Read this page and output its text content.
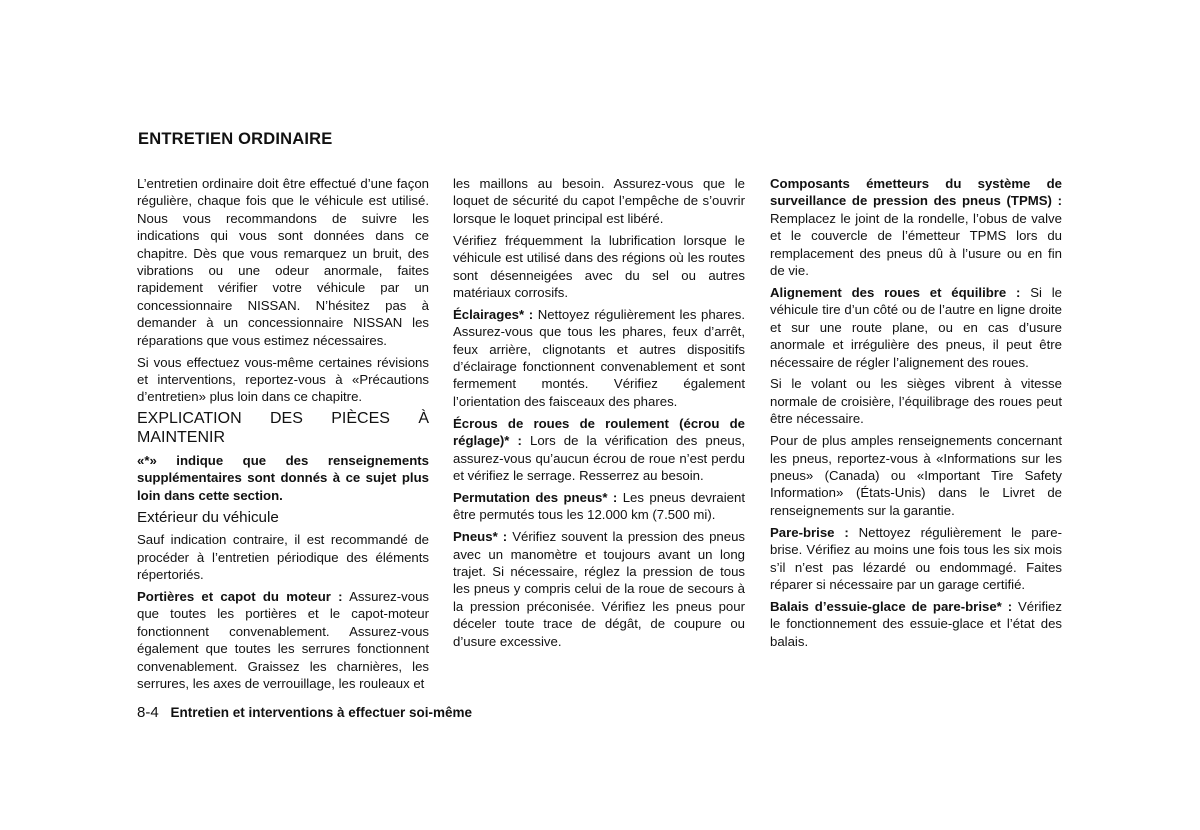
ENTRETIEN ORDINAIRE

L’entretien ordinaire doit être effectué d’une façon régulière, chaque fois que le véhicule est utilisé. Nous vous recommandons de suivre les indications qui vous sont données dans ce chapitre. Dès que vous remarquez un bruit, des vibrations ou une odeur anormale, faites rapidement vérifier votre véhicule par un concessionnaire NISSAN. N’hésitez pas à demander à un concessionnaire NISSAN les réparations que vous estimez nécessaires.

Si vous effectuez vous-même certaines révisions et interventions, reportez-vous à «Précautions d’entretien» plus loin dans ce chapitre.

EXPLICATION DES PIÈCES À MAINTENIR

«*» indique que des renseignements supplémentaires sont donnés à ce sujet plus loin dans cette section.

Extérieur du véhicule

Sauf indication contraire, il est recommandé de procéder à l’entretien périodique des éléments répertoriés.

Portières et capot du moteur : Assurez-vous que toutes les portières et le capot-moteur fonctionnent convenablement. Assurez-vous également que toutes les serrures fonctionnent convenablement. Graissez les charnières, les serrures, les axes de verrouillage, les rouleaux et

les maillons au besoin. Assurez-vous que le loquet de sécurité du capot l’empêche de s’ouvrir lorsque le loquet principal est libéré.

Vérifiez fréquemment la lubrification lorsque le véhicule est utilisé dans des régions où les routes sont désenneigées avec du sel ou autres matériaux corrosifs.

Éclairages* : Nettoyez régulièrement les phares. Assurez-vous que tous les phares, feux d’arrêt, feux arrière, clignotants et autres dispositifs d’éclairage fonctionnent convenablement et sont fermement montés. Vérifiez également l’orientation des faisceaux des phares.

Écrous de roues de roulement (écrou de réglage)* : Lors de la vérification des pneus, assurez-vous qu’aucun écrou de roue n’est perdu et vérifiez le serrage. Resserrez au besoin.

Permutation des pneus* : Les pneus devraient être permutés tous les 12.000 km (7.500 mi).

Pneus* : Vérifiez souvent la pression des pneus avec un manomètre et toujours avant un long trajet. Si nécessaire, réglez la pression de tous les pneus y compris celui de la roue de secours à la pression préconisée. Vérifiez les pneus pour déceler toute trace de dégât, de coupure ou d’usure excessive.

Composants émetteurs du système de surveillance de pression des pneus (TPMS) : Remplacez le joint de la rondelle, l’obus de valve et le couvercle de l’émetteur TPMS lors du remplacement des pneus dû à l’usure ou en fin de vie.

Alignement des roues et équilibre : Si le véhicule tire d’un côté ou de l’autre en ligne droite et sur une route plane, ou en cas d’usure anormale et irrégulière des pneus, il peut être nécessaire de régler l’alignement des roues.

Si le volant ou les sièges vibrent à vitesse normale de croisière, l’équilibrage des roues peut être nécessaire.

Pour de plus amples renseignements concernant les pneus, reportez-vous à «Informations sur les pneus» (Canada) ou «Important Tire Safety Information» (États-Unis) dans le Livret de renseignements sur la garantie.

Pare-brise : Nettoyez régulièrement le pare-brise. Vérifiez au moins une fois tous les six mois s’il n’est pas lézardé ou endommagé. Faites réparer si nécessaire par un garage certifié.

Balais d’essuie-glace de pare-brise* : Vérifiez le fonctionnement des essuie-glace et l’état des balais.

8-4 Entretien et interventions à effectuer soi-même
